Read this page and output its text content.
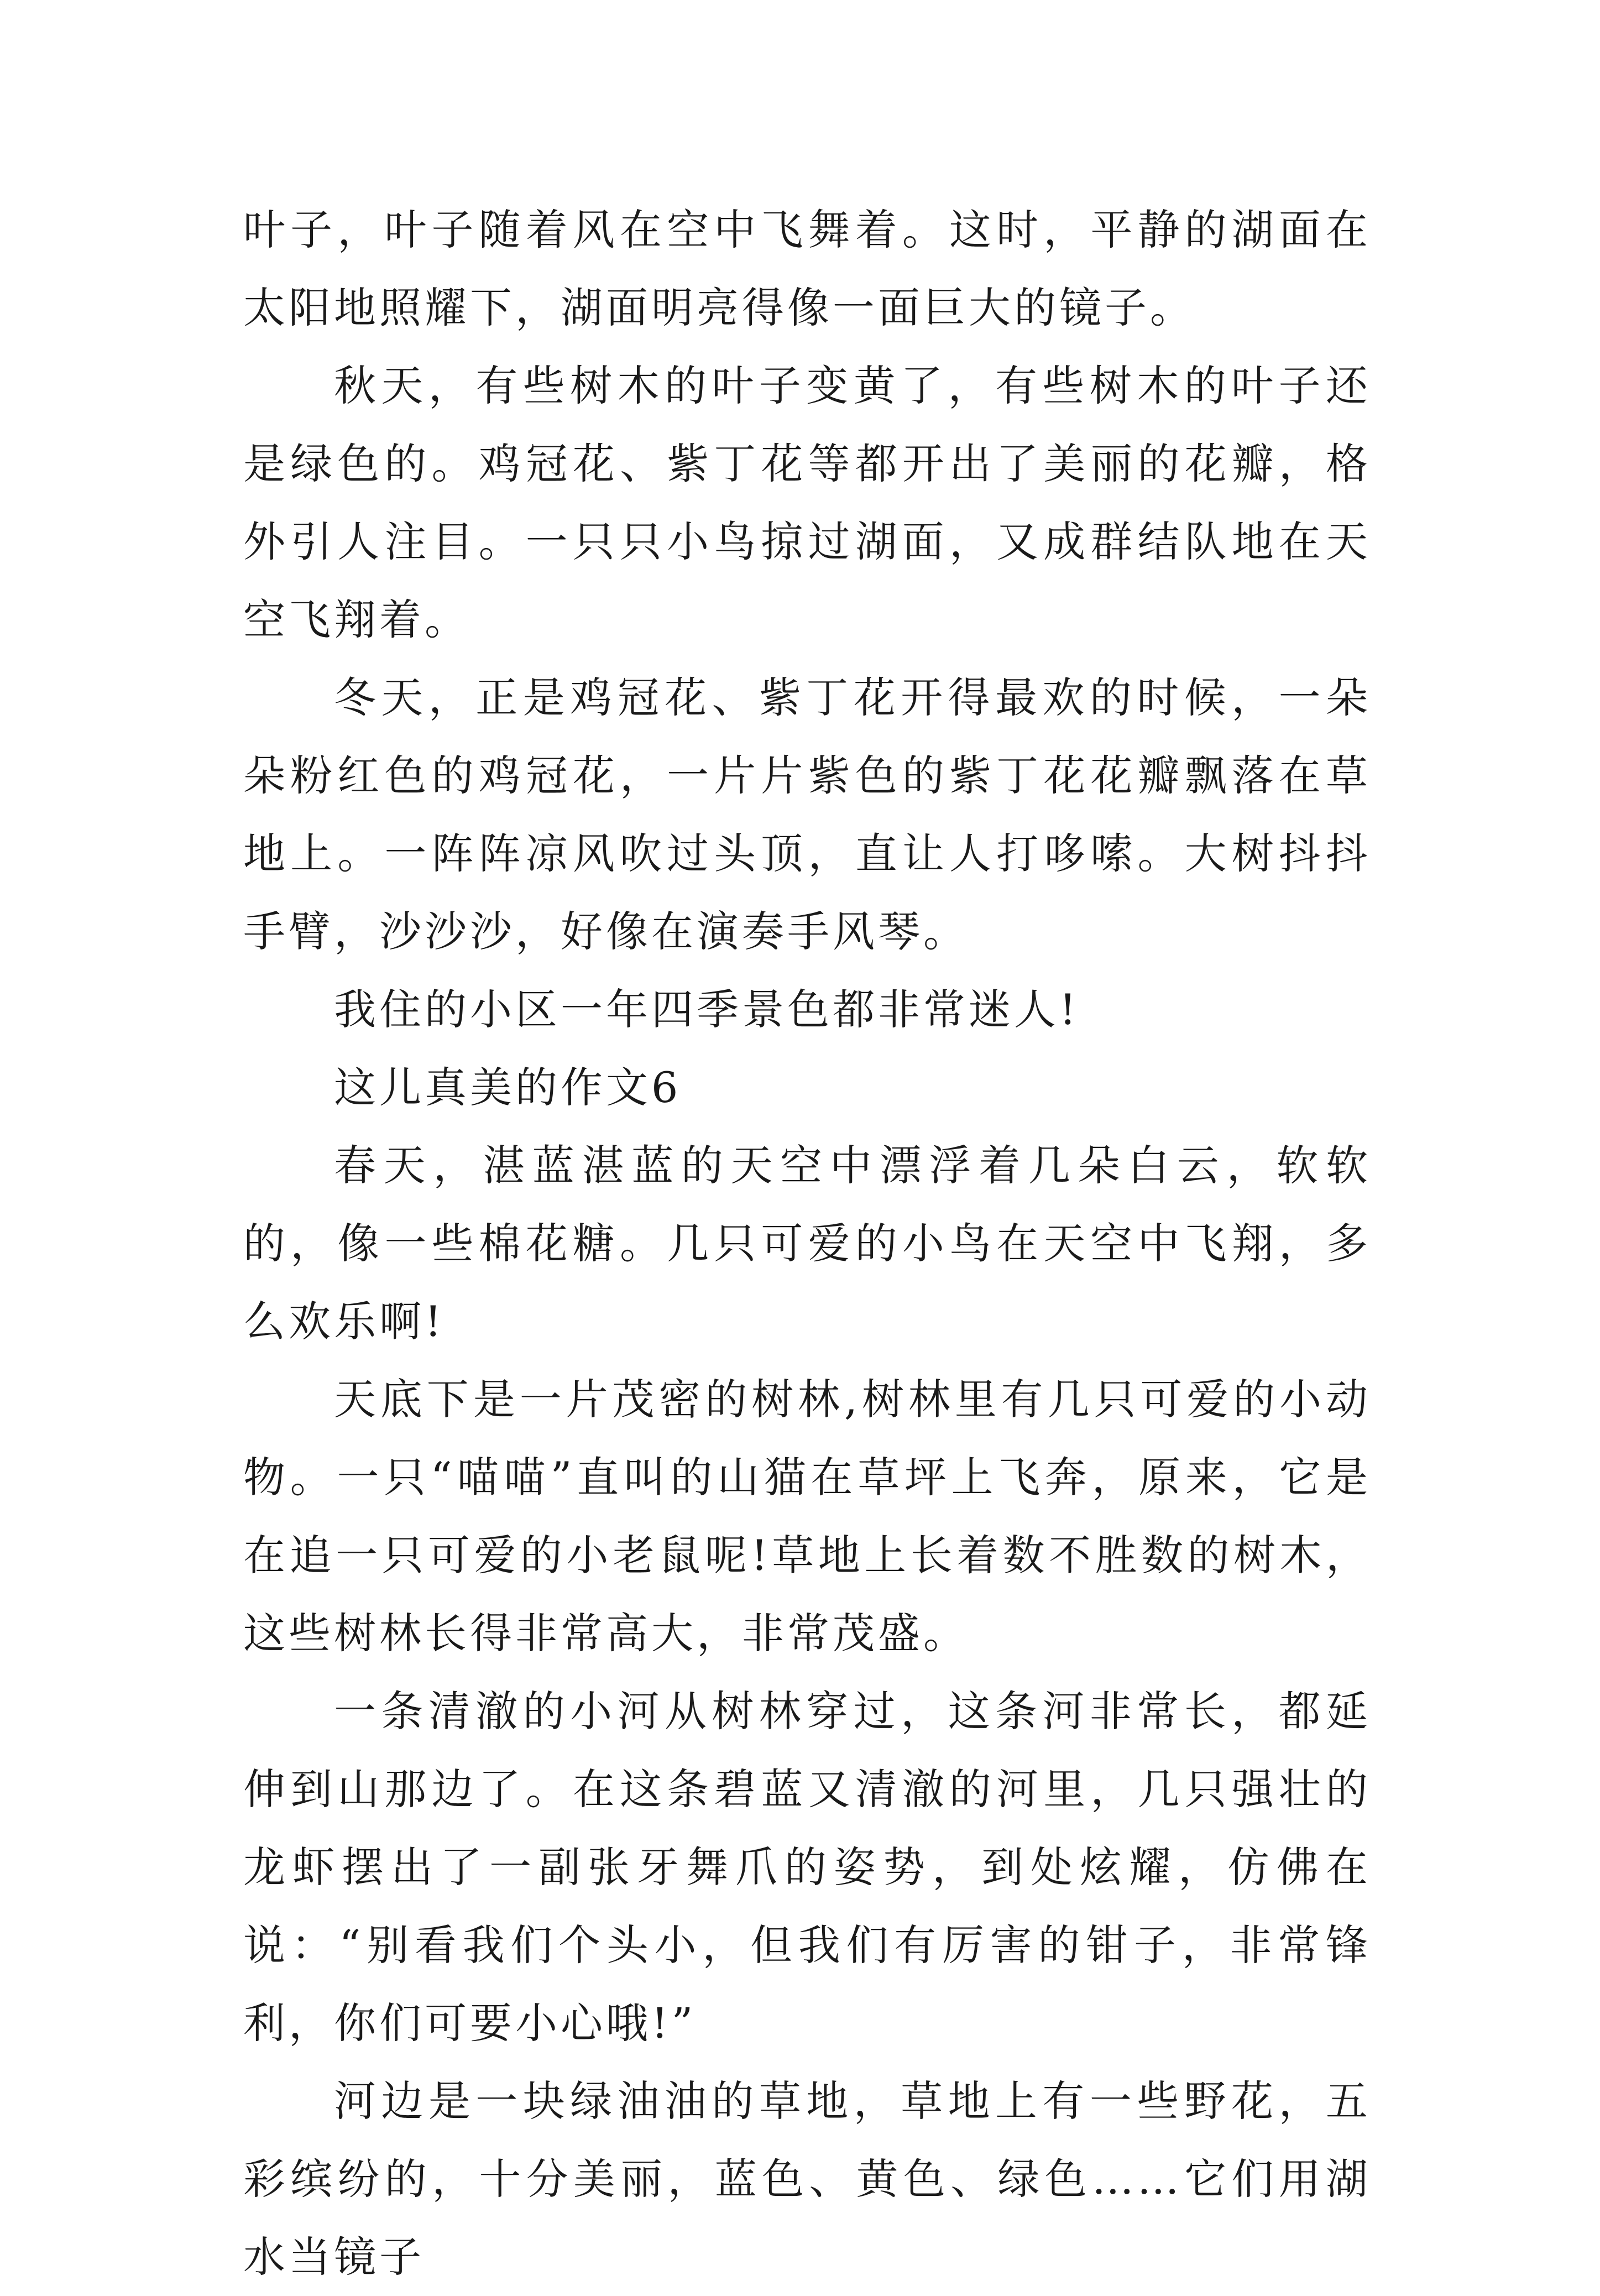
叶子，叶子随着风在空中飞舞着。这时，平静的湖面在太阳地照耀下，湖面明亮得像一面巨大的镜子。

秋天，有些树木的叶子变黄了，有些树木的叶子还是绿色的。鸡冠花、紫丁花等都开出了美丽的花瓣，格外引人注目。一只只小鸟掠过湖面，又成群结队地在天空飞翔着。

冬天，正是鸡冠花、紫丁花开得最欢的时候，一朵朵粉红色的鸡冠花，一片片紫色的紫丁花花瓣飘落在草地上。一阵阵凉风吹过头顶，直让人打哆嗦。大树抖抖手臂，沙沙沙，好像在演奏手风琴。

我住的小区一年四季景色都非常迷人!

这儿真美的作文6

春天，湛蓝湛蓝的天空中漂浮着几朵白云，软软的，像一些棉花糖。几只可爱的小鸟在天空中飞翔，多么欢乐啊!

天底下是一片茂密的树林,树林里有几只可爱的小动物。一只“喵喵”直叫的山猫在草坪上飞奔，原来，它是在追一只可爱的小老鼠呢!草地上长着数不胜数的树木，这些树林长得非常高大，非常茂盛。

一条清澈的小河从树林穿过，这条河非常长，都延伸到山那边了。在这条碧蓝又清澈的河里，几只强壮的龙虾摆出了一副张牙舞爪的姿势，到处炫耀，仿佛在说：“别看我们个头小，但我们有厉害的钳子，非常锋利，你们可要小心哦!”

河边是一块绿油油的草地，草地上有一些野花，五彩缤纷的，十分美丽，蓝色、黄色、绿色……它们用湖水当镜子
